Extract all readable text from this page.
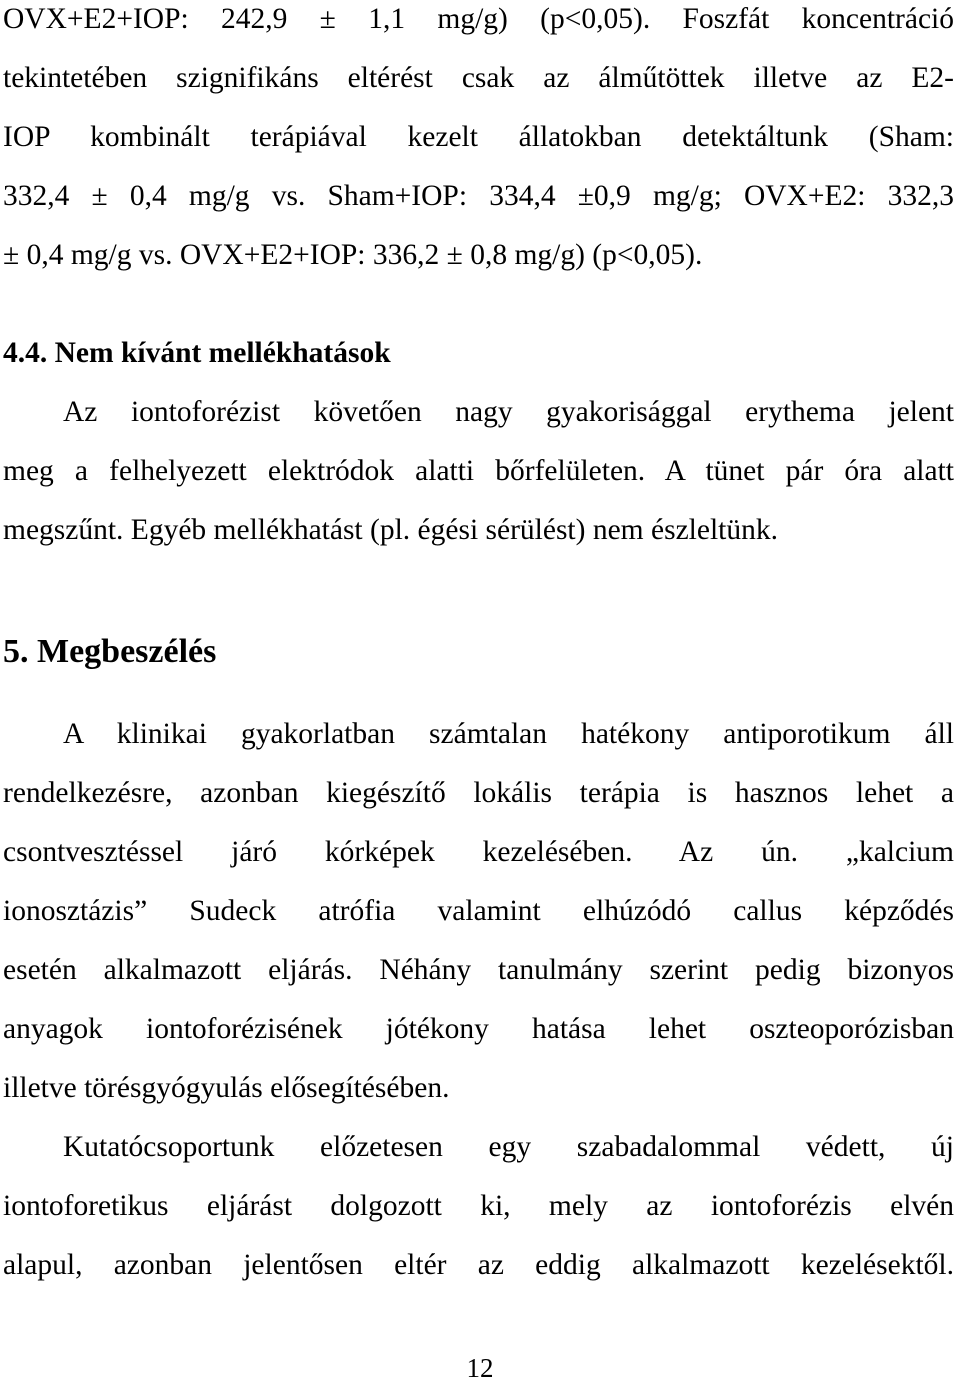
OVX+E2+IOP: 242,9 ± 1,1 mg/g) (p<0,05). Foszfát koncentráció
tekintetében szignifikáns eltérést csak az álműtöttek illetve az E2-
IOP kombinált terápiával kezelt állatokban detektáltunk (Sham:
332,4 ± 0,4 mg/g vs. Sham+IOP: 334,4 ±0,9 mg/g; OVX+E2: 332,3
± 0,4 mg/g vs. OVX+E2+IOP: 336,2 ± 0,8 mg/g) (p<0,05).
4.4. Nem kívánt mellékhatások
Az iontoforézist követően nagy gyakorisággal erythema jelent
meg a felhelyezett elektródok alatti bőrfelületen. A tünet pár óra alatt
megszűnt. Egyéb mellékhatást (pl. égési sérülést) nem észleltünk.
5. Megbeszélés
A klinikai gyakorlatban számtalan hatékony antiporotikum áll
rendelkezésre, azonban kiegészítő lokális terápia is hasznos lehet a
csontvesztéssel járó kórképek kezelésében. Az ún. „kalcium
ionosztázis” Sudeck atrófia valamint elhúzódó callus képződés
esetén alkalmazott eljárás. Néhány tanulmány szerint pedig bizonyos
anyagok iontoforézisének jótékony hatása lehet oszteoporózisban
illetve törésgyógyulás elősegítésében.
Kutatócsoportunk előzetesen egy szabadalommal védett, új
iontoforetikus eljárást dolgozott ki, mely az iontoforézis elvén
alapul, azonban jelentősen eltér az eddig alkalmazott kezelésektől.
12
